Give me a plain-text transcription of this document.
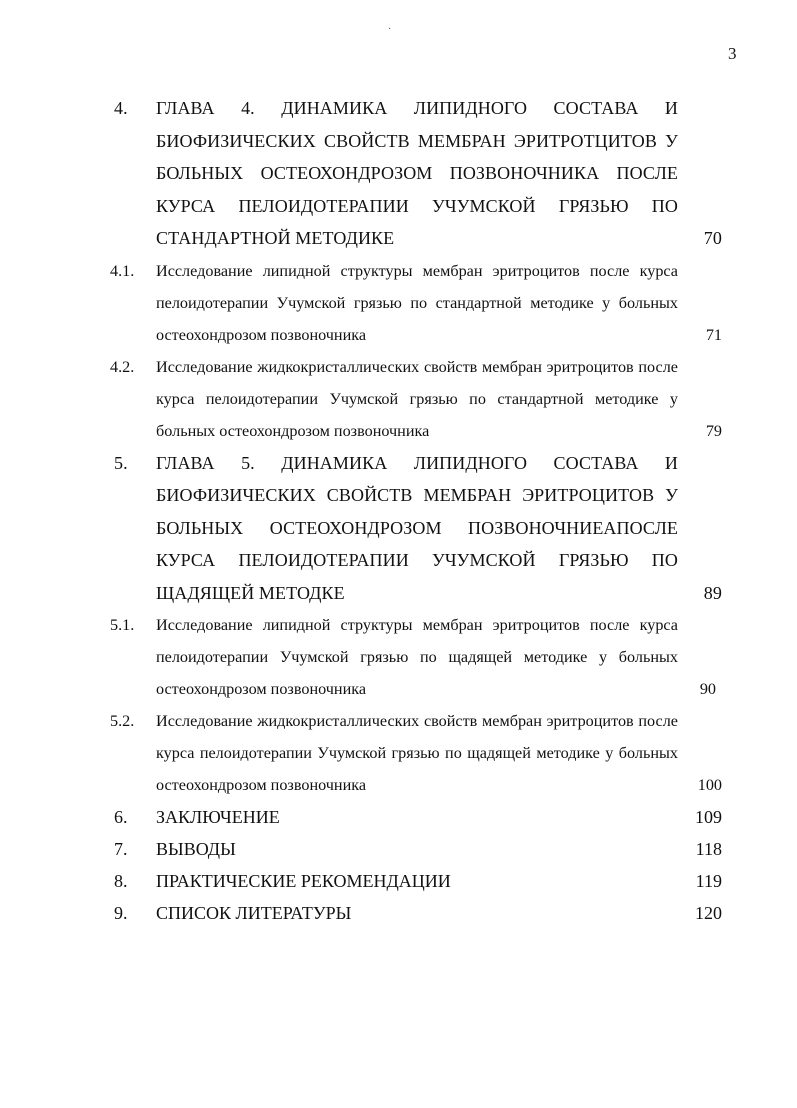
·
3
4. ГЛАВА 4. ДИНАМИКА ЛИПИДНОГО СОСТАВА И БИОФИЗИЧЕСКИХ СВОЙСТВ МЕМБРАН ЭРИТРОТЦИТОВ У БОЛЬНЫХ ОСТЕОХОНДРОЗОМ ПОЗВОНОЧНИКА ПОСЛЕ КУРСА ПЕЛОИДОТЕРАПИИ УЧУМСКОЙ ГРЯЗЬЮ ПО СТАНДАРТНОЙ МЕТОДИКЕ	70
4.1. Исследование липидной структуры мембран эритроцитов после курса пелоидотерапии Учумской грязью по стандартной методике у больных остеохондрозом позвоночника	71
4.2. Исследование жидкокристаллических свойств мембран эритроцитов после курса пелоидотерапии Учумской грязью по стандартной методике у больных остеохондрозом позвоночника	79
5. ГЛАВА 5. ДИНАМИКА ЛИПИДНОГО СОСТАВА И БИОФИЗИЧЕСКИХ СВОЙСТВ МЕМБРАН ЭРИТРОЦИТОВ У БОЛЬНЫХ ОСТЕОХОНДРОЗОМ ПОЗВОНОЧНИЕАПОСЛЕ КУРСА ПЕЛОИДОТЕРАПИИ УЧУМСКОЙ ГРЯЗЬЮ ПО ЩАДЯЩЕЙ МЕТОДКЕ	89
5.1. Исследование липидной структуры мембран эритроцитов после курса пелоидотерапии Учумской грязью по щадящей методике у больных остеохондрозом позвоночника	90
5.2. Исследование жидкокристаллических свойств мембран эритроцитов после курса пелоидотерапии Учумской грязью по щадящей методике у больных остеохондрозом позвоночника	100
6. ЗАКЛЮЧЕНИЕ	109
7. ВЫВОДЫ	118
8. ПРАКТИЧЕСКИЕ РЕКОМЕНДАЦИИ	119
9. СПИСОК ЛИТЕРАТУРЫ	120
